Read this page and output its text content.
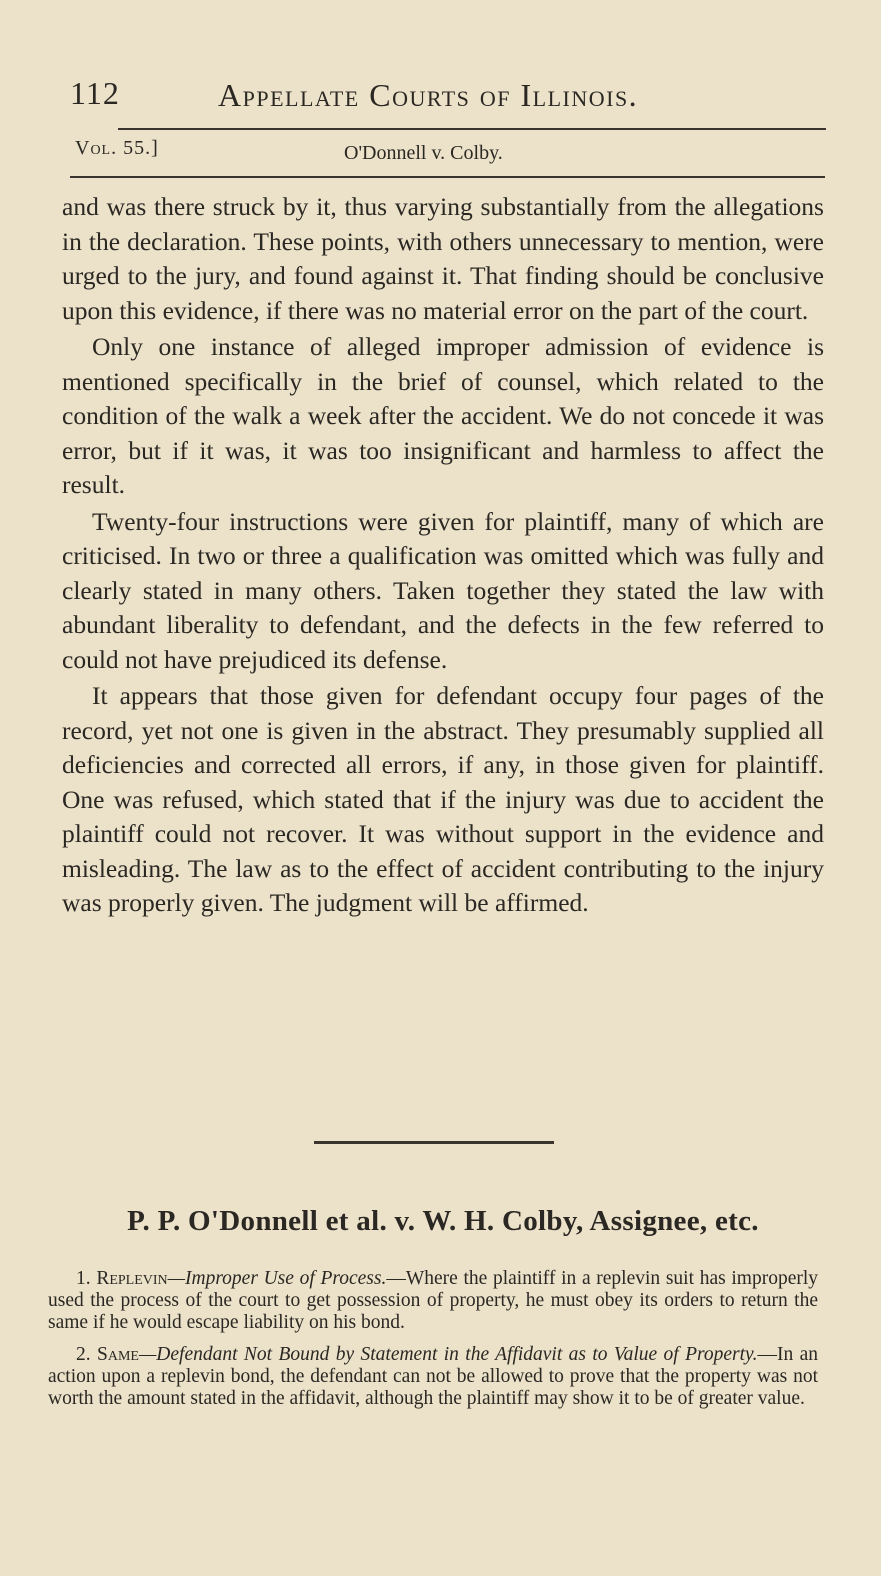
112	Appellate Courts of Illinois.
Vol. 55.]	O'Donnell v. Colby.

and was there struck by it, thus varying substantially from the allegations in the declaration. These points, with others unnecessary to mention, were urged to the jury, and found against it. That finding should be conclusive upon this evidence, if there was no material error on the part of the court.

Only one instance of alleged improper admission of evidence is mentioned specifically in the brief of counsel, which related to the condition of the walk a week after the accident. We do not concede it was error, but if it was, it was too insignificant and harmless to affect the result.

Twenty-four instructions were given for plaintiff, many of which are criticised. In two or three a qualification was omitted which was fully and clearly stated in many others. Taken together they stated the law with abundant liberality to defendant, and the defects in the few referred to could not have prejudiced its defense.

It appears that those given for defendant occupy four pages of the record, yet not one is given in the abstract. They presumably supplied all deficiencies and corrected all errors, if any, in those given for plaintiff. One was refused, which stated that if the injury was due to accident the plaintiff could not recover. It was without support in the evidence and misleading. The law as to the effect of accident contributing to the injury was properly given. The judgment will be affirmed.

P. P. O'Donnell et al. v. W. H. Colby, Assignee, etc.

1. Replevin—Improper Use of Process.—Where the plaintiff in a replevin suit has improperly used the process of the court to get possession of property, he must obey its orders to return the same if he would escape liability on his bond.

2. Same—Defendant Not Bound by Statement in the Affidavit as to Value of Property.—In an action upon a replevin bond, the defendant can not be allowed to prove that the property was not worth the amount stated in the affidavit, although the plaintiff may show it to be of greater value.
